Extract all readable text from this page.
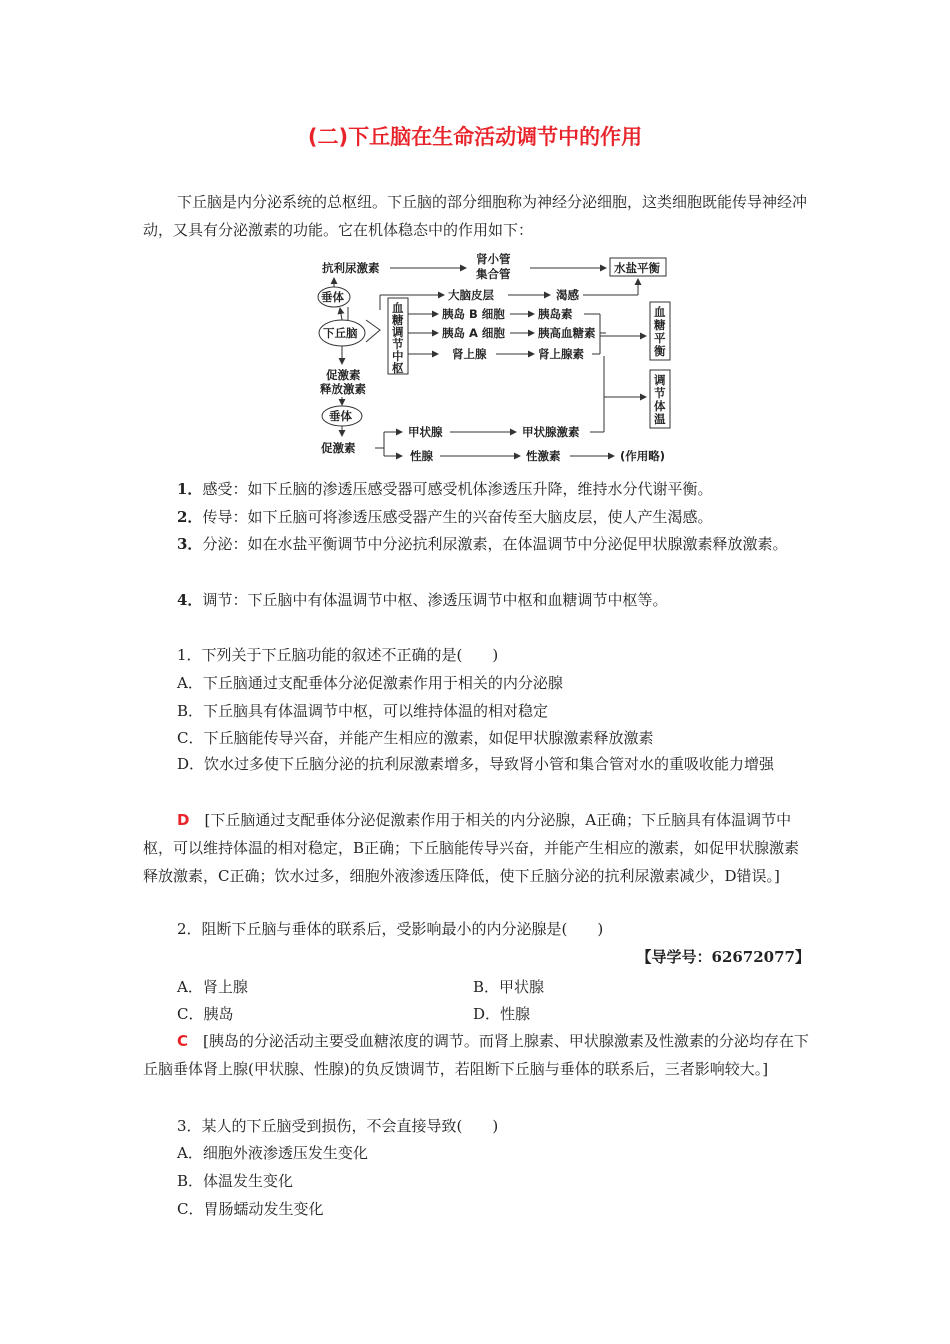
(二)下丘脑在生命活动调节中的作用
下丘脑是内分泌系统的总枢纽。下丘脑的部分细胞称为神经分泌细胞，这类细胞既能传导神经冲动，又具有分泌激素的功能。它在机体稳态中的作用如下：
抗利尿激素
肾小管
集合管	水盐平衡
垂体	大脑皮层	渴感
下丘脑
血
糖
调
节
中
枢
胰岛 B 细胞	胰岛素
胰岛 A 细胞	胰高血糖素
肾上腺	肾上腺素
血
糖
平
衡
调
节
体
温
促激素
释放激素
垂体
促激素
甲状腺	甲状腺激素
性腺	性激素	(作用略)
1．感受：如下丘脑的渗透压感受器可感受机体渗透压升降，维持水分代谢平衡。
2．传导：如下丘脑可将渗透压感受器产生的兴奋传至大脑皮层，使人产生渴感。
3．分泌：如在水盐平衡调节中分泌抗利尿激素，在体温调节中分泌促甲状腺激素释放激素。
4．调节：下丘脑中有体温调节中枢、渗透压调节中枢和血糖调节中枢等。
1．下列关于下丘脑功能的叙述不正确的是(　　)
A．下丘脑通过支配垂体分泌促激素作用于相关的内分泌腺
B．下丘脑具有体温调节中枢，可以维持体温的相对稳定
C．下丘脑能传导兴奋，并能产生相应的激素，如促甲状腺激素释放激素
D．饮水过多使下丘脑分泌的抗利尿激素增多，导致肾小管和集合管对水的重吸收能力增强
D　 [下丘脑通过支配垂体分泌促激素作用于相关的内分泌腺，A正确；下丘脑具有体温调节中枢，可以维持体温的相对稳定，B正确；下丘脑能传导兴奋，并能产生相应的激素，如促甲状腺激素释放激素，C正确；饮水过多，细胞外液渗透压降低，使下丘脑分泌的抗利尿激素减少，D错误。]
2．阻断下丘脑与垂体的联系后，受影响最小的内分泌腺是(　　)
【导学号：62672077】
A．肾上腺	B．甲状腺
C．胰岛	D．性腺
C　 [胰岛的分泌活动主要受血糖浓度的调节。而肾上腺素、甲状腺激素及性激素的分泌均存在下丘脑垂体肾上腺(甲状腺、性腺)的负反馈调节，若阻断下丘脑与垂体的联系后，三者影响较大。]
3．某人的下丘脑受到损伤，不会直接导致(　　)
A．细胞外液渗透压发生变化
B．体温发生变化
C．胃肠蠕动发生变化
